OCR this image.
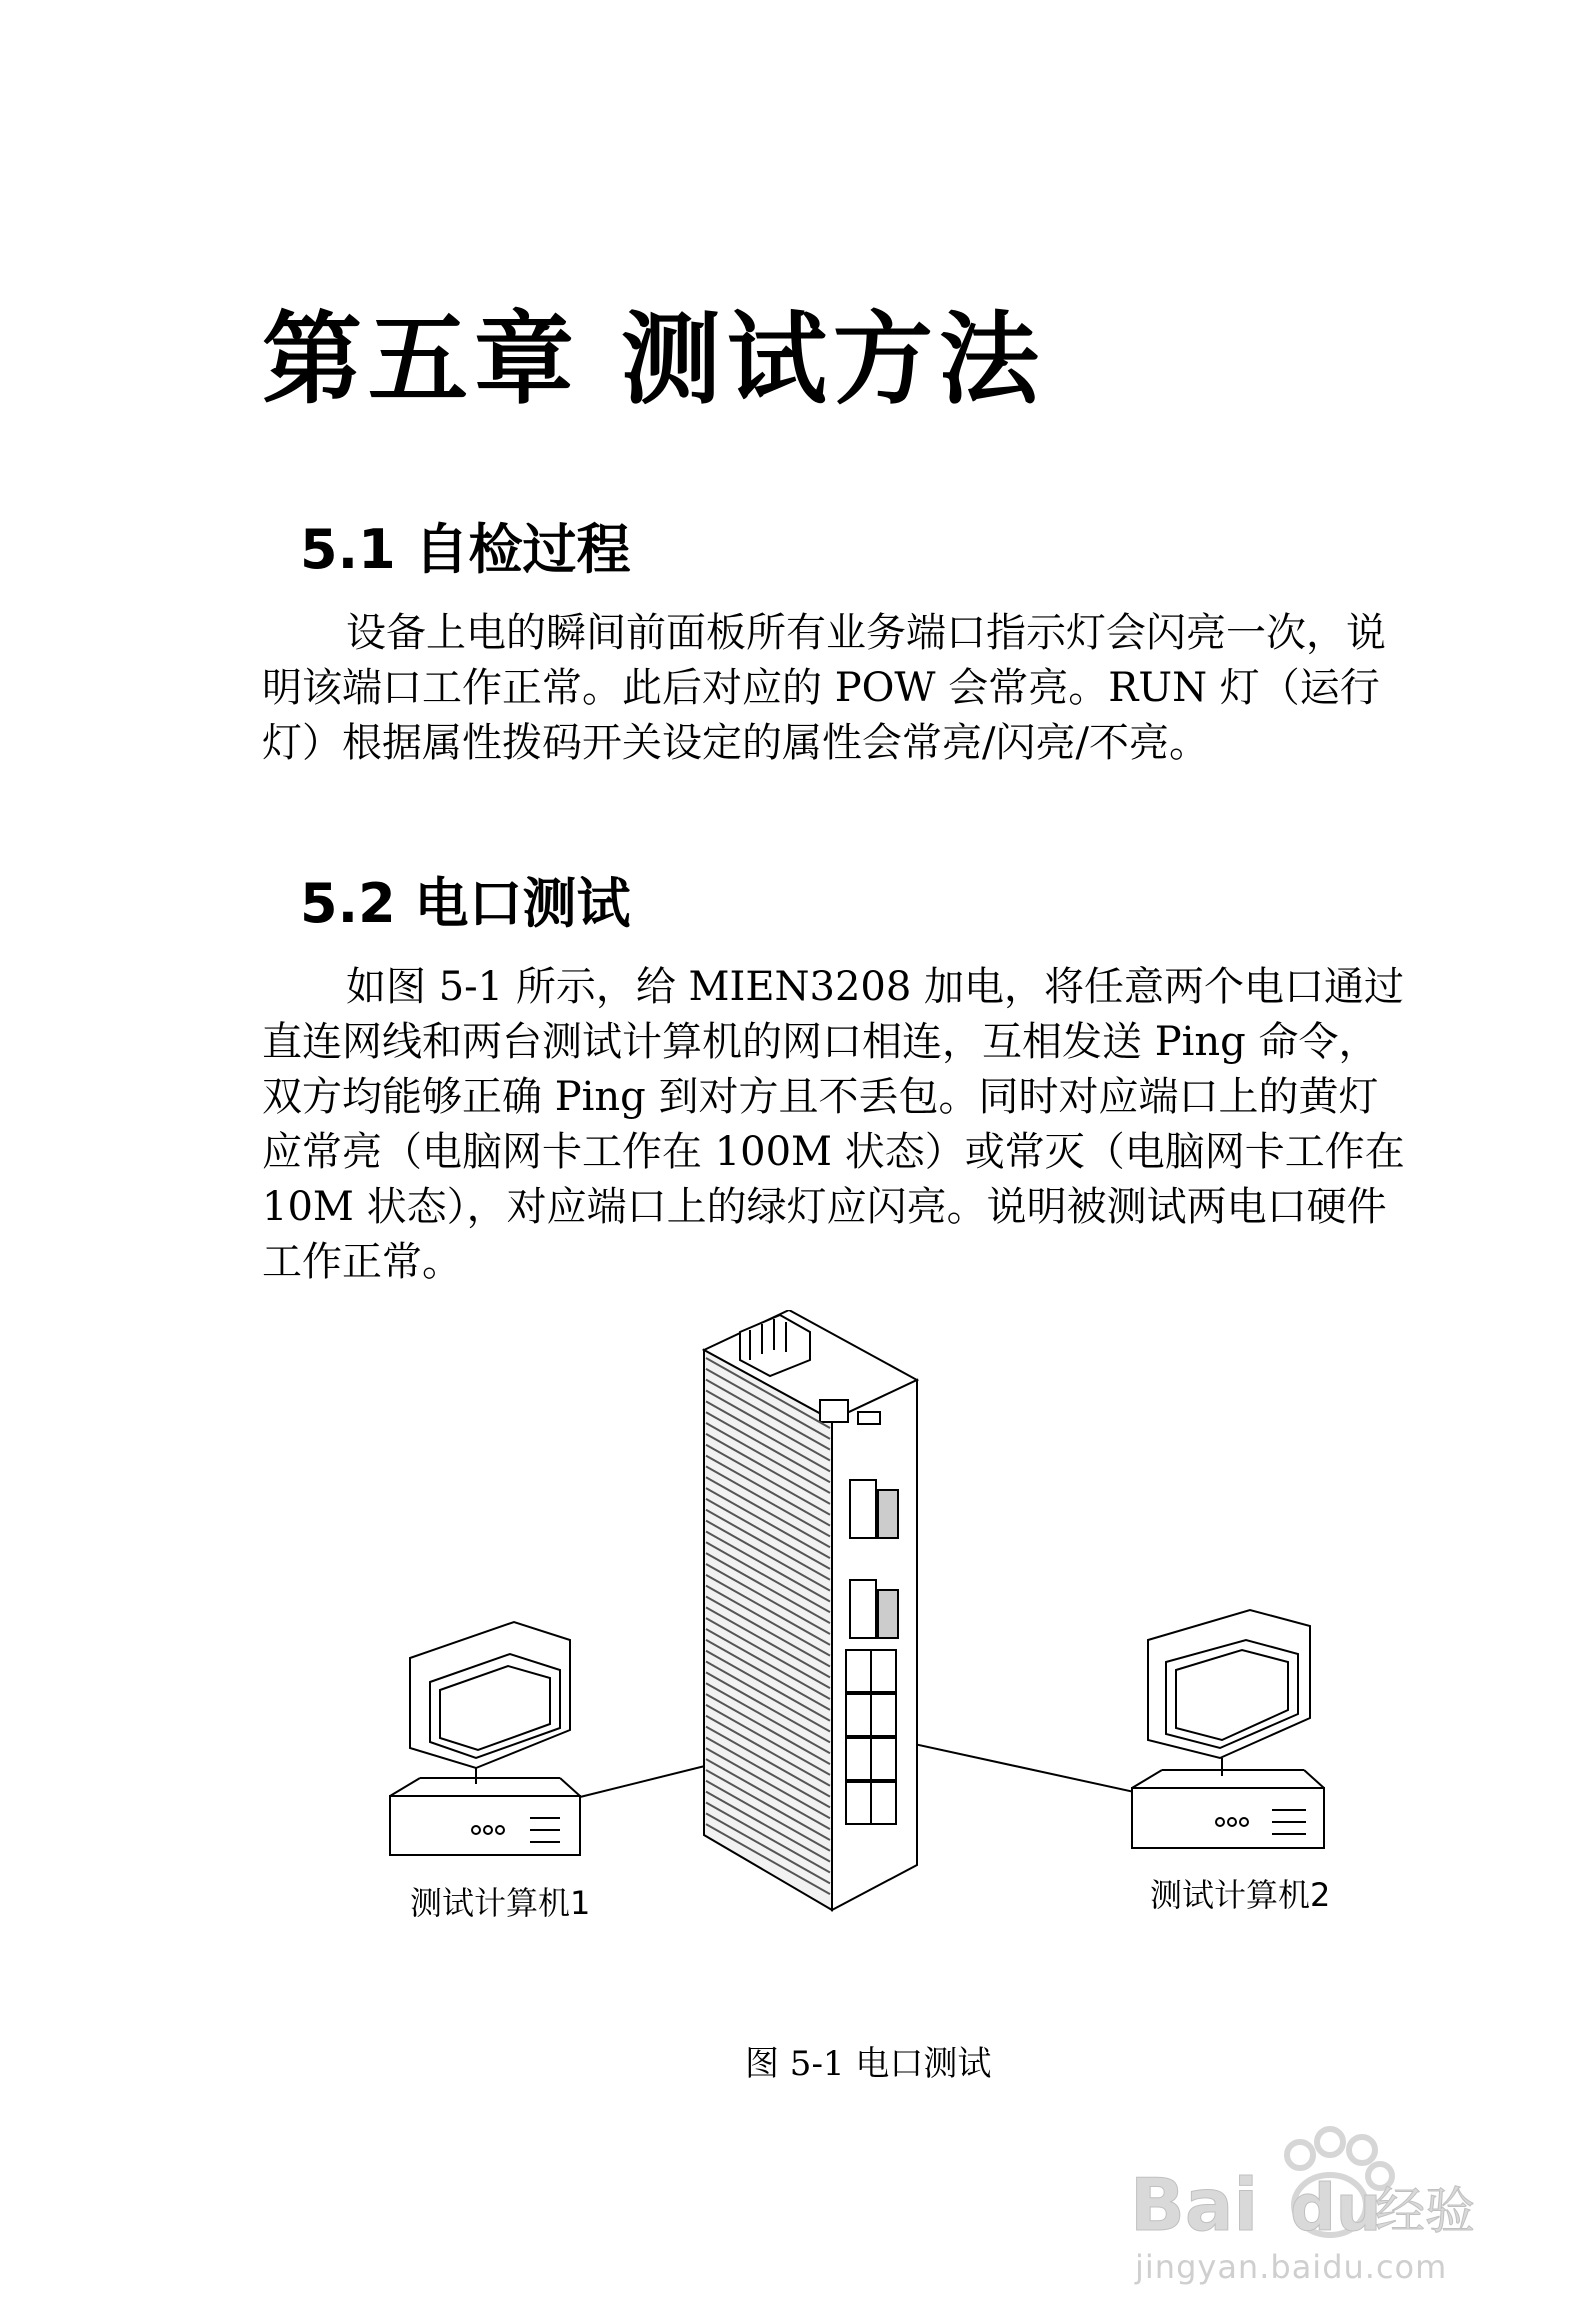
第五章 测试方法
5.1 自检过程
设备上电的瞬间前面板所有业务端口指示灯会闪亮一次，说
明该端口工作正常。此后对应的 POW 会常亮。RUN 灯（运行
灯）根据属性拨码开关设定的属性会常亮/闪亮/不亮。
5.2 电口测试
如图 5-1 所示，给 MIEN3208 加电，将任意两个电口通过
直连网线和两台测试计算机的网口相连，互相发送 Ping 命令，
双方均能够正确 Ping 到对方且不丢包。同时对应端口上的黄灯
应常亮（电脑网卡工作在 100M 状态）或常灭（电脑网卡工作在
10M 状态），对应端口上的绿灯应闪亮。说明被测试两电口硬件
工作正常。
测试计算机1	测试计算机2
图 5-1 电口测试
Bai du
经验
jingyan.baidu.com
